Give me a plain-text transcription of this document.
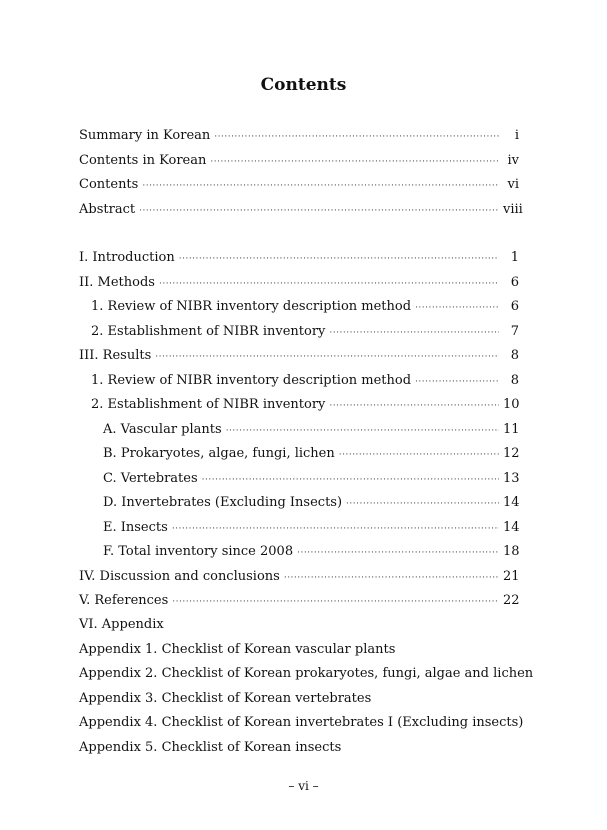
Contents
Summary in Korean ·····	i
Contents in Korean ·····	iv
Contents ·····	vi
Abstract ·····	viii
I. Introduction ·····	1
II. Methods ·····	6
1. Review of NIBR inventory description method ·····	6
2. Establishment of NIBR inventory ·····	7
III. Results ·····	8
1. Review of NIBR inventory description method ·····	8
2. Establishment of NIBR inventory ·····	10
A. Vascular plants ·····	11
B. Prokaryotes, algae, fungi, lichen ·····	12
C. Vertebrates ·····	13
D. Invertebrates (Excluding Insects) ·····	14
E. Insects ·····	14
F. Total inventory since 2008 ·····	18
IV. Discussion and conclusions ·····	21
V. References ·····	22
VI. Appendix
Appendix 1. Checklist of Korean vascular plants
Appendix 2. Checklist of Korean prokaryotes, fungi, algae and lichen
Appendix 3. Checklist of Korean vertebrates
Appendix 4. Checklist of Korean invertebrates I (Excluding insects)
Appendix 5. Checklist of Korean insects
– vi –
